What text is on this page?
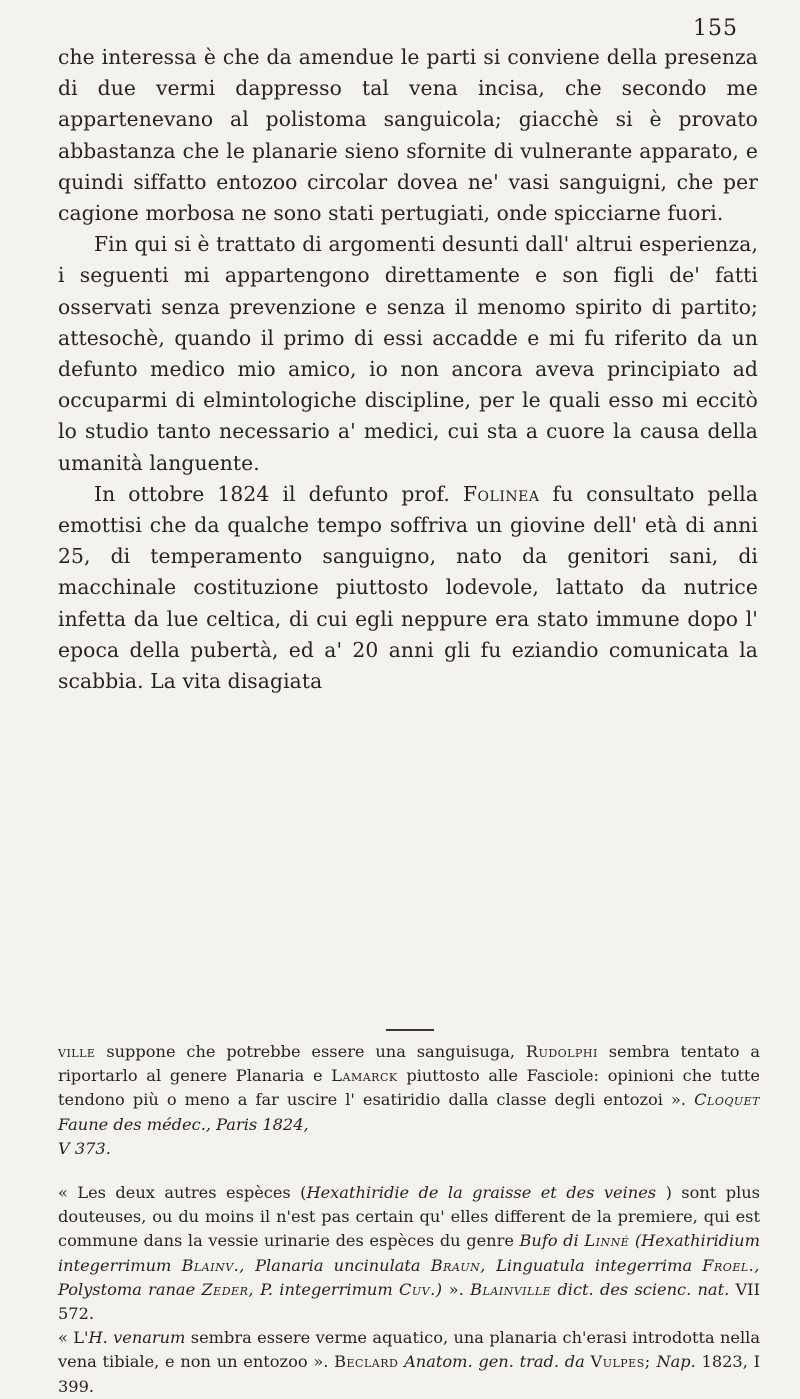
155

che interessa è che da amendue le parti si conviene della presenza di due vermi dappresso tal vena incisa, che secondo me appartenevano al polistoma sanguicola; giacchè si è provato abbastanza che le planarie sieno sfornite di vulnerante apparato, e quindi siffatto entozoo circolar dovea ne' vasi sanguigni, che per cagione morbosa ne sono stati pertugiati, onde spicciarne fuori.

Fin qui si è trattato di argomenti desunti dall' altrui esperienza, i seguenti mi appartengono direttamente e son figli de' fatti osservati senza prevenzione e senza il menomo spirito di partito; attesochè, quando il primo di essi accadde e mi fu riferito da un defunto medico mio amico, io non ancora aveva principiato ad occuparmi di elmintologiche discipline, per le quali esso mi eccitò lo studio tanto necessario a' medici, cui sta a cuore la causa della umanità languente.

In ottobre 1824 il defunto prof. Folinea fu consultato pella emottisi che da qualche tempo soffriva un giovine dell' età di anni 25, di temperamento sanguigno, nato da genitori sani, di macchinale costituzione piuttosto lodevole, lattato da nutrice infetta da lue celtica, di cui egli neppure era stato immune dopo l' epoca della pubertà, ed a' 20 anni gli fu eziandio comunicata la scabbia. La vita disagiata

ville suppone che potrebbe essere una sanguisuga, Rudolphi sembra tentato a riportarlo al genere Planaria e Lamarck piuttosto alle Fasciole: opinioni che tutte tendono più o meno a far uscire l' esatiridio dalla classe degli entozoi ». Cloquet Faune des médec., Paris 1824,
V 373.

« Les deux autres espèces (Hexathiridie de la graisse et des veines ) sont plus douteuses, ou du moins il n'est pas certain qu' elles different de la premiere, qui est commune dans la vessie urinarie des espèces du genre Bufo di Linné (Hexathiridium integerrimum Blainv., Planaria uncinulata Braun, Linguatula integerrima Froel., Polystoma ranae Zeder, P. integerrimum Cuv.) ». Blainville dict. des scienc. nat. VII 572.

« L'H. venarum sembra essere verme aquatico, una planaria ch'erasi introdotta nella vena tibiale, e non un entozoo ». Beclard Anatom. gen. trad. da Vulpes; Nap. 1823, I 399.
